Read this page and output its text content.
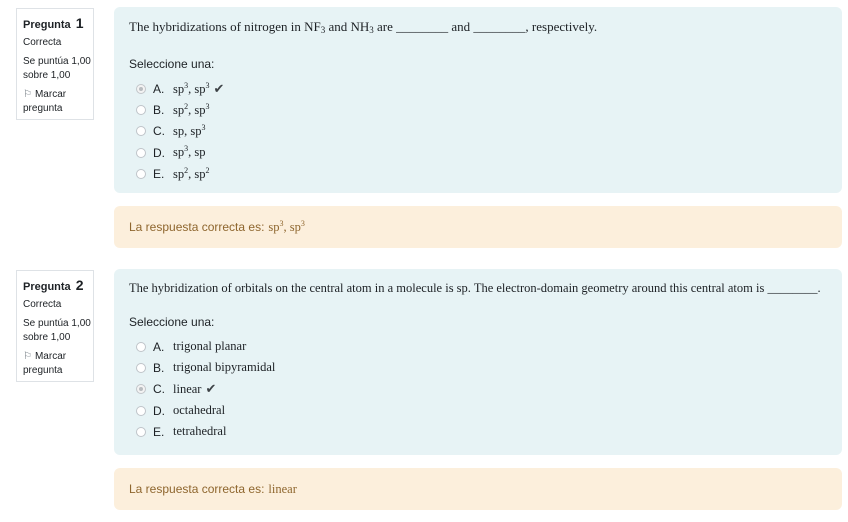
Pregunta 1
Correcta
Se puntúa 1,00 sobre 1,00
⚐ Marcar pregunta
The hybridizations of nitrogen in $NF_3$ and $NH_3$ are ________ and ________, respectively.
Seleccione una:
A. $sp^3$, $sp^3$ ✔
B. $sp^2$, $sp^3$
C. sp, $sp^3$
D. $sp^3$, sp
E. $sp^2$, $sp^2$
La respuesta correcta es: $sp^3$, $sp^3$
Pregunta 2
Correcta
Se puntúa 1,00 sobre 1,00
⚐ Marcar pregunta
The hybridization of orbitals on the central atom in a molecule is sp. The electron-domain geometry around this central atom is ________.
Seleccione una:
A. trigonal planar
B. trigonal bipyramidal
C. linear ✔
D. octahedral
E. tetrahedral
La respuesta correcta es: linear
